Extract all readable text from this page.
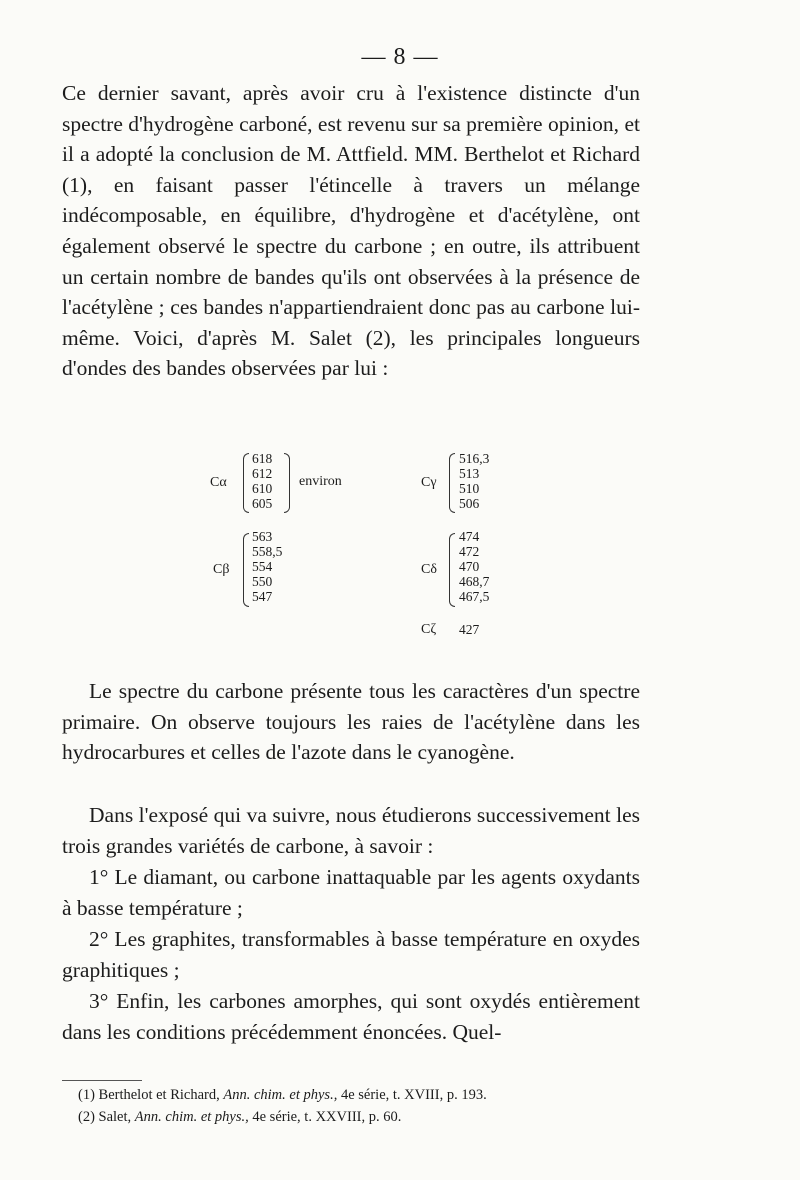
— 8 —

Ce dernier savant, après avoir cru à l'existence distincte d'un spectre d'hydrogène carboné, est revenu sur sa première opinion, et il a adopté la conclusion de M. Attfield. MM. Berthelot et Richard (1), en faisant passer l'étincelle à travers un mélange indécomposable, en équilibre, d'hydrogène et d'acétylène, ont également observé le spectre du carbone ; en outre, ils attribuent un certain nombre de bandes qu'ils ont observées à la présence de l'acétylène ; ces bandes n'appartiendraient donc pas au carbone lui-même. Voici, d'après M. Salet (2), les principales longueurs d'ondes des bandes observées par lui :

Cα
618
612
610
605
environ	Cγ
516,3
513
510
506
Cβ
563
558,5
554
550
547
Cδ
474
472
470
468,7
467,5
Cζ 427

Le spectre du carbone présente tous les caractères d'un spectre primaire. On observe toujours les raies de l'acétylène dans les hydrocarbures et celles de l'azote dans le cyanogène.

Dans l'exposé qui va suivre, nous étudierons successivement les trois grandes variétés de carbone, à savoir :

1° Le diamant, ou carbone inattaquable par les agents oxydants à basse température ;

2° Les graphites, transformables à basse température en oxydes graphitiques ;

3° Enfin, les carbones amorphes, qui sont oxydés entièrement dans les conditions précédemment énoncées. Quel-

(1) Berthelot et Richard, Ann. chim. et phys., 4e série, t. XVIII, p. 193.
(2) Salet, Ann. chim. et phys., 4e série, t. XXVIII, p. 60.
